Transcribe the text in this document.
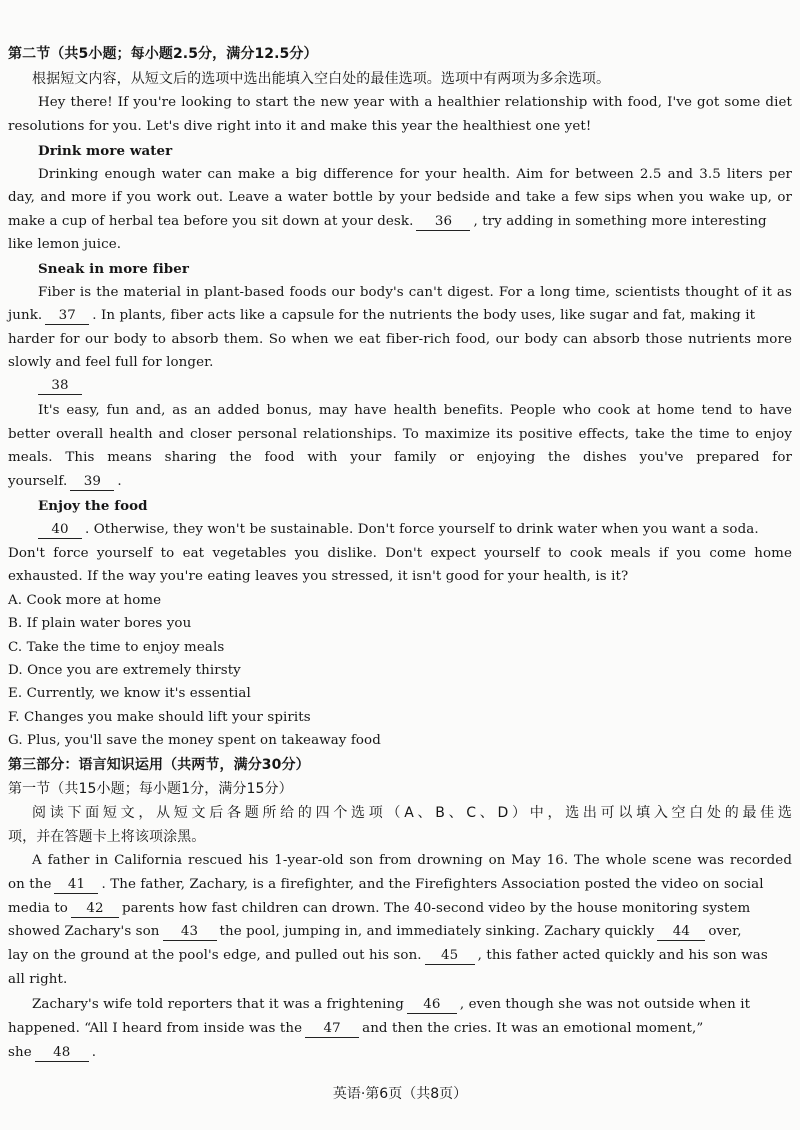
第二节（共5小题；每小题2.5分，满分12.5分）
根据短文内容，从短文后的选项中选出能填入空白处的最佳选项。选项中有两项为多余选项。
Hey there! If you're looking to start the new year with a healthier relationship with food, I've got some diet
resolutions for you. Let's dive right into it and make this year the healthiest one yet!
Drink more water
Drinking enough water can make a big difference for your health. Aim for between 2.5 and 3.5 liters per
day, and more if you work out. Leave a water bottle by your bedside and take a few sips when you wake up, or
make a cup of herbal tea before you sit down at your desk. 36 , try adding in something more interesting
like lemon juice.
Sneak in more fiber
Fiber is the material in plant-based foods our body's can't digest. For a long time, scientists thought of it as
junk. 37 . In plants, fiber acts like a capsule for the nutrients the body uses, like sugar and fat, making it
harder for our body to absorb them. So when we eat fiber-rich food, our body can absorb those nutrients more
slowly and feel full for longer.
38
It's easy, fun and, as an added bonus, may have health benefits. People who cook at home tend to have
better overall health and closer personal relationships. To maximize its positive effects, take the time to enjoy
meals. This means sharing the food with your family or enjoying the dishes you've prepared for
yourself. 39 .
Enjoy the food
40 . Otherwise, they won't be sustainable. Don't force yourself to drink water when you want a soda.
Don't force yourself to eat vegetables you dislike. Don't expect yourself to cook meals if you come home
exhausted. If the way you're eating leaves you stressed, it isn't good for your health, is it?
A. Cook more at home
B. If plain water bores you
C. Take the time to enjoy meals
D. Once you are extremely thirsty
E. Currently, we know it's essential
F. Changes you make should lift your spirits
G. Plus, you'll save the money spent on takeaway food
第三部分：语言知识运用（共两节，满分30分）
第一节（共15小题；每小题1分，满分15分）
阅读下面短文，从短文后各题所给的四个选项（A、B、C、D）中，选出可以填入空白处的最佳选
项，并在答题卡上将该项涂黑。
A father in California rescued his 1-year-old son from drowning on May 16. The whole scene was recorded
on the 41 . The father, Zachary, is a firefighter, and the Firefighters Association posted the video on social
media to 42 parents how fast children can drown. The 40-second video by the house monitoring system
showed Zachary's son 43 the pool, jumping in, and immediately sinking. Zachary quickly 44 over,
lay on the ground at the pool's edge, and pulled out his son. 45 , this father acted quickly and his son was
all right.
Zachary's wife told reporters that it was a frightening 46 , even though she was not outside when it
happened. “All I heard from inside was the 47 and then the cries. It was an emotional moment,”
she 48 .
英语·第6页（共8页）
